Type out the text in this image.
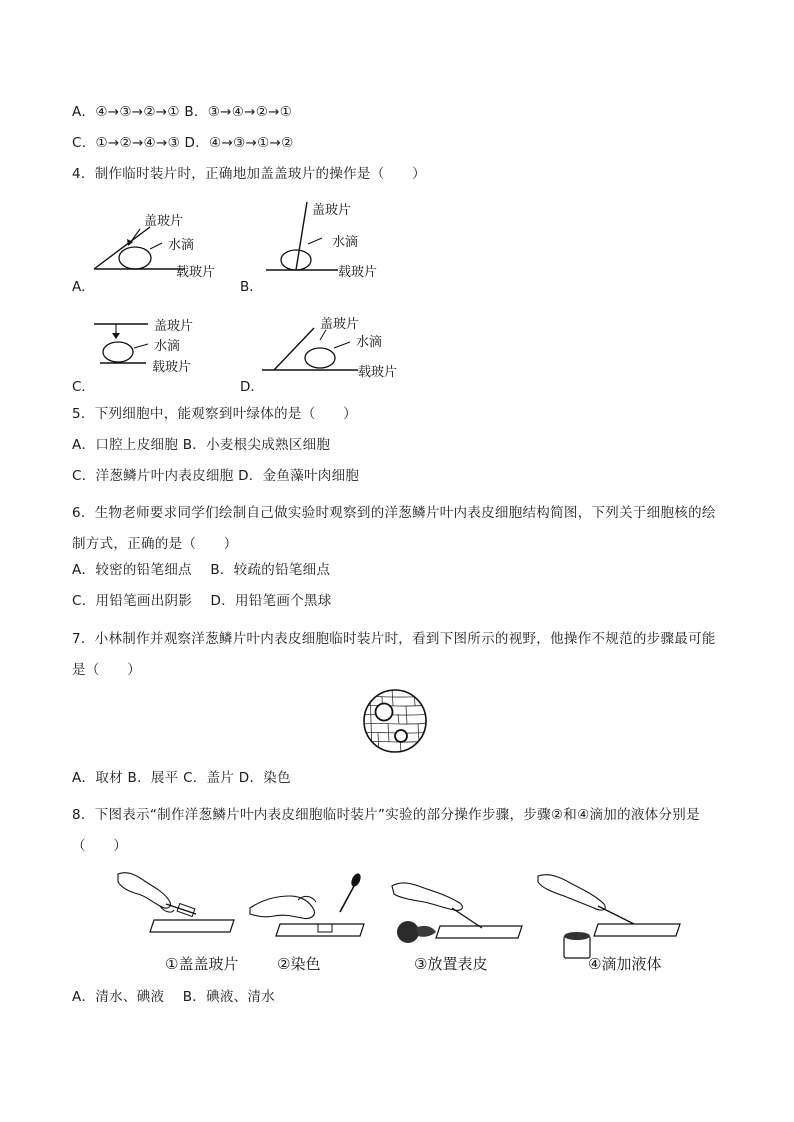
A．④→③→②→① B．③→④→②→①
C．①→②→④→③ D．④→③→①→②
4．制作临时装片时，正确地加盖盖玻片的操作是（　　）
A．
盖玻片
水滴
载玻片
B．
盖玻片
水滴
载玻片
C．
盖玻片
水滴
载玻片
D．
盖玻片
水滴
载玻片
5．下列细胞中，能观察到叶绿体的是（　　）
A．口腔上皮细胞 B．小麦根尖成熟区细胞
C．洋葱鳞片叶内表皮细胞 D．金鱼藻叶肉细胞
6．生物老师要求同学们绘制自己做实验时观察到的洋葱鳞片叶内表皮细胞结构简图，下列关于细胞核的绘制方式，正确的是（　　）
A．较密的铅笔细点　 B．较疏的铅笔细点
C．用铅笔画出阴影　 D．用铅笔画个黑球
7．小林制作并观察洋葱鳞片叶内表皮细胞临时装片时，看到下图所示的视野，他操作不规范的步骤最可能是（　　）
A．取材 B．展平 C．盖片 D．染色
8．下图表示“制作洋葱鳞片叶内表皮细胞临时装片”实验的部分操作步骤，步骤②和④滴加的液体分别是（　　）
①盖盖玻片	②染色	③放置表皮	④滴加液体
A．清水、碘液　 B．碘液、清水
